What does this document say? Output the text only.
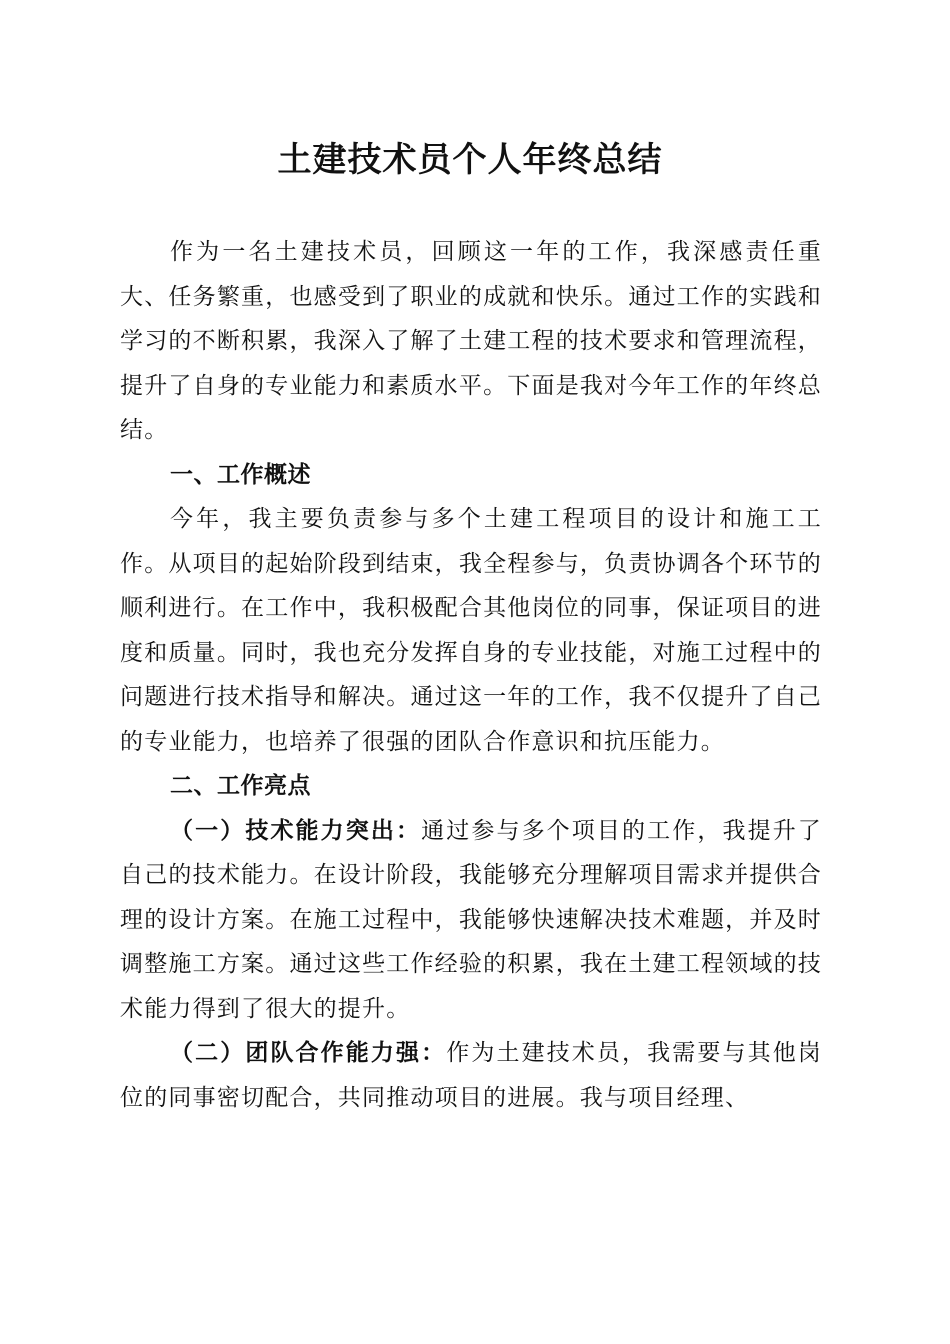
土建技术员个人年终总结

作为一名土建技术员，回顾这一年的工作，我深感责任重大、任务繁重，也感受到了职业的成就和快乐。通过工作的实践和学习的不断积累，我深入了解了土建工程的技术要求和管理流程，提升了自身的专业能力和素质水平。下面是我对今年工作的年终总结。

一、工作概述

今年，我主要负责参与多个土建工程项目的设计和施工工作。从项目的起始阶段到结束，我全程参与，负责协调各个环节的顺利进行。在工作中，我积极配合其他岗位的同事，保证项目的进度和质量。同时，我也充分发挥自身的专业技能，对施工过程中的问题进行技术指导和解决。通过这一年的工作，我不仅提升了自己的专业能力，也培养了很强的团队合作意识和抗压能力。

二、工作亮点

（一）技术能力突出：通过参与多个项目的工作，我提升了自己的技术能力。在设计阶段，我能够充分理解项目需求并提供合理的设计方案。在施工过程中，我能够快速解决技术难题，并及时调整施工方案。通过这些工作经验的积累，我在土建工程领域的技术能力得到了很大的提升。

（二）团队合作能力强：作为土建技术员，我需要与其他岗位的同事密切配合，共同推动项目的进展。我与项目经理、
